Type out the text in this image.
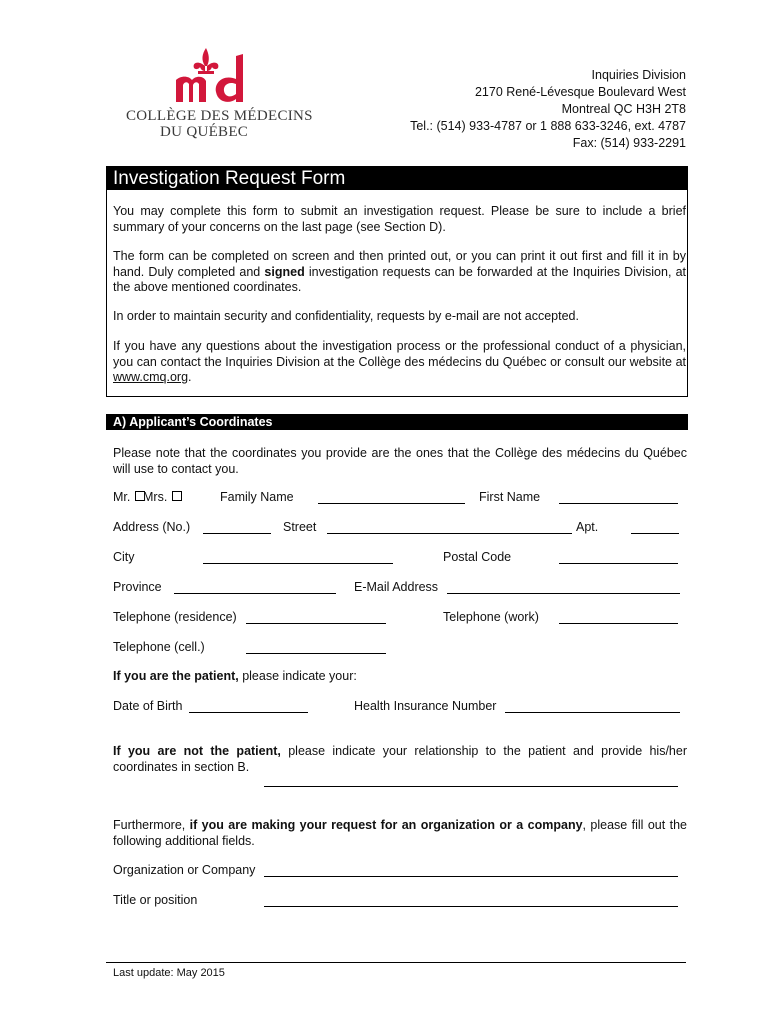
COLLÈGE DES MÉDECINS
DU QUÉBEC
Inquiries Division
2170 René-Lévesque Boulevard West
Montreal QC H3H 2T8
Tel.: (514) 933-4787 or 1 888 633-3246, ext. 4787
Fax: (514) 933-2291
Investigation Request Form
You may complete this form to submit an investigation request. Please be sure to include a brief summary of your concerns on the last page (see Section D).
The form can be completed on screen and then printed out, or you can print it out first and fill it in by hand. Duly completed and signed investigation requests can be forwarded at the Inquiries Division, at the above mentioned coordinates.
In order to maintain security and confidentiality, requests by e-mail are not accepted.
If you have any questions about the investigation process or the professional conduct of a physician, you can contact the Inquiries Division at the Collège des médecins du Québec or consult our website at www.cmq.org.
A) Applicant’s Coordinates
Please note that the coordinates you provide are the ones that the Collège des médecins du Québec will use to contact you.
Mr.	Mrs.	Family Name	First Name
Address (No.)	Street	Apt.
City	Postal Code
Province	E-Mail Address
Telephone (residence)	Telephone (work)
Telephone (cell.)
If you are the patient, please indicate your:
Date of Birth	Health Insurance Number
If you are not the patient, please indicate your relationship to the patient and provide his/her coordinates in section B.
Furthermore, if you are making your request for an organization or a company, please fill out the following additional fields.
Organization or Company
Title or position
Last update: May 2015
